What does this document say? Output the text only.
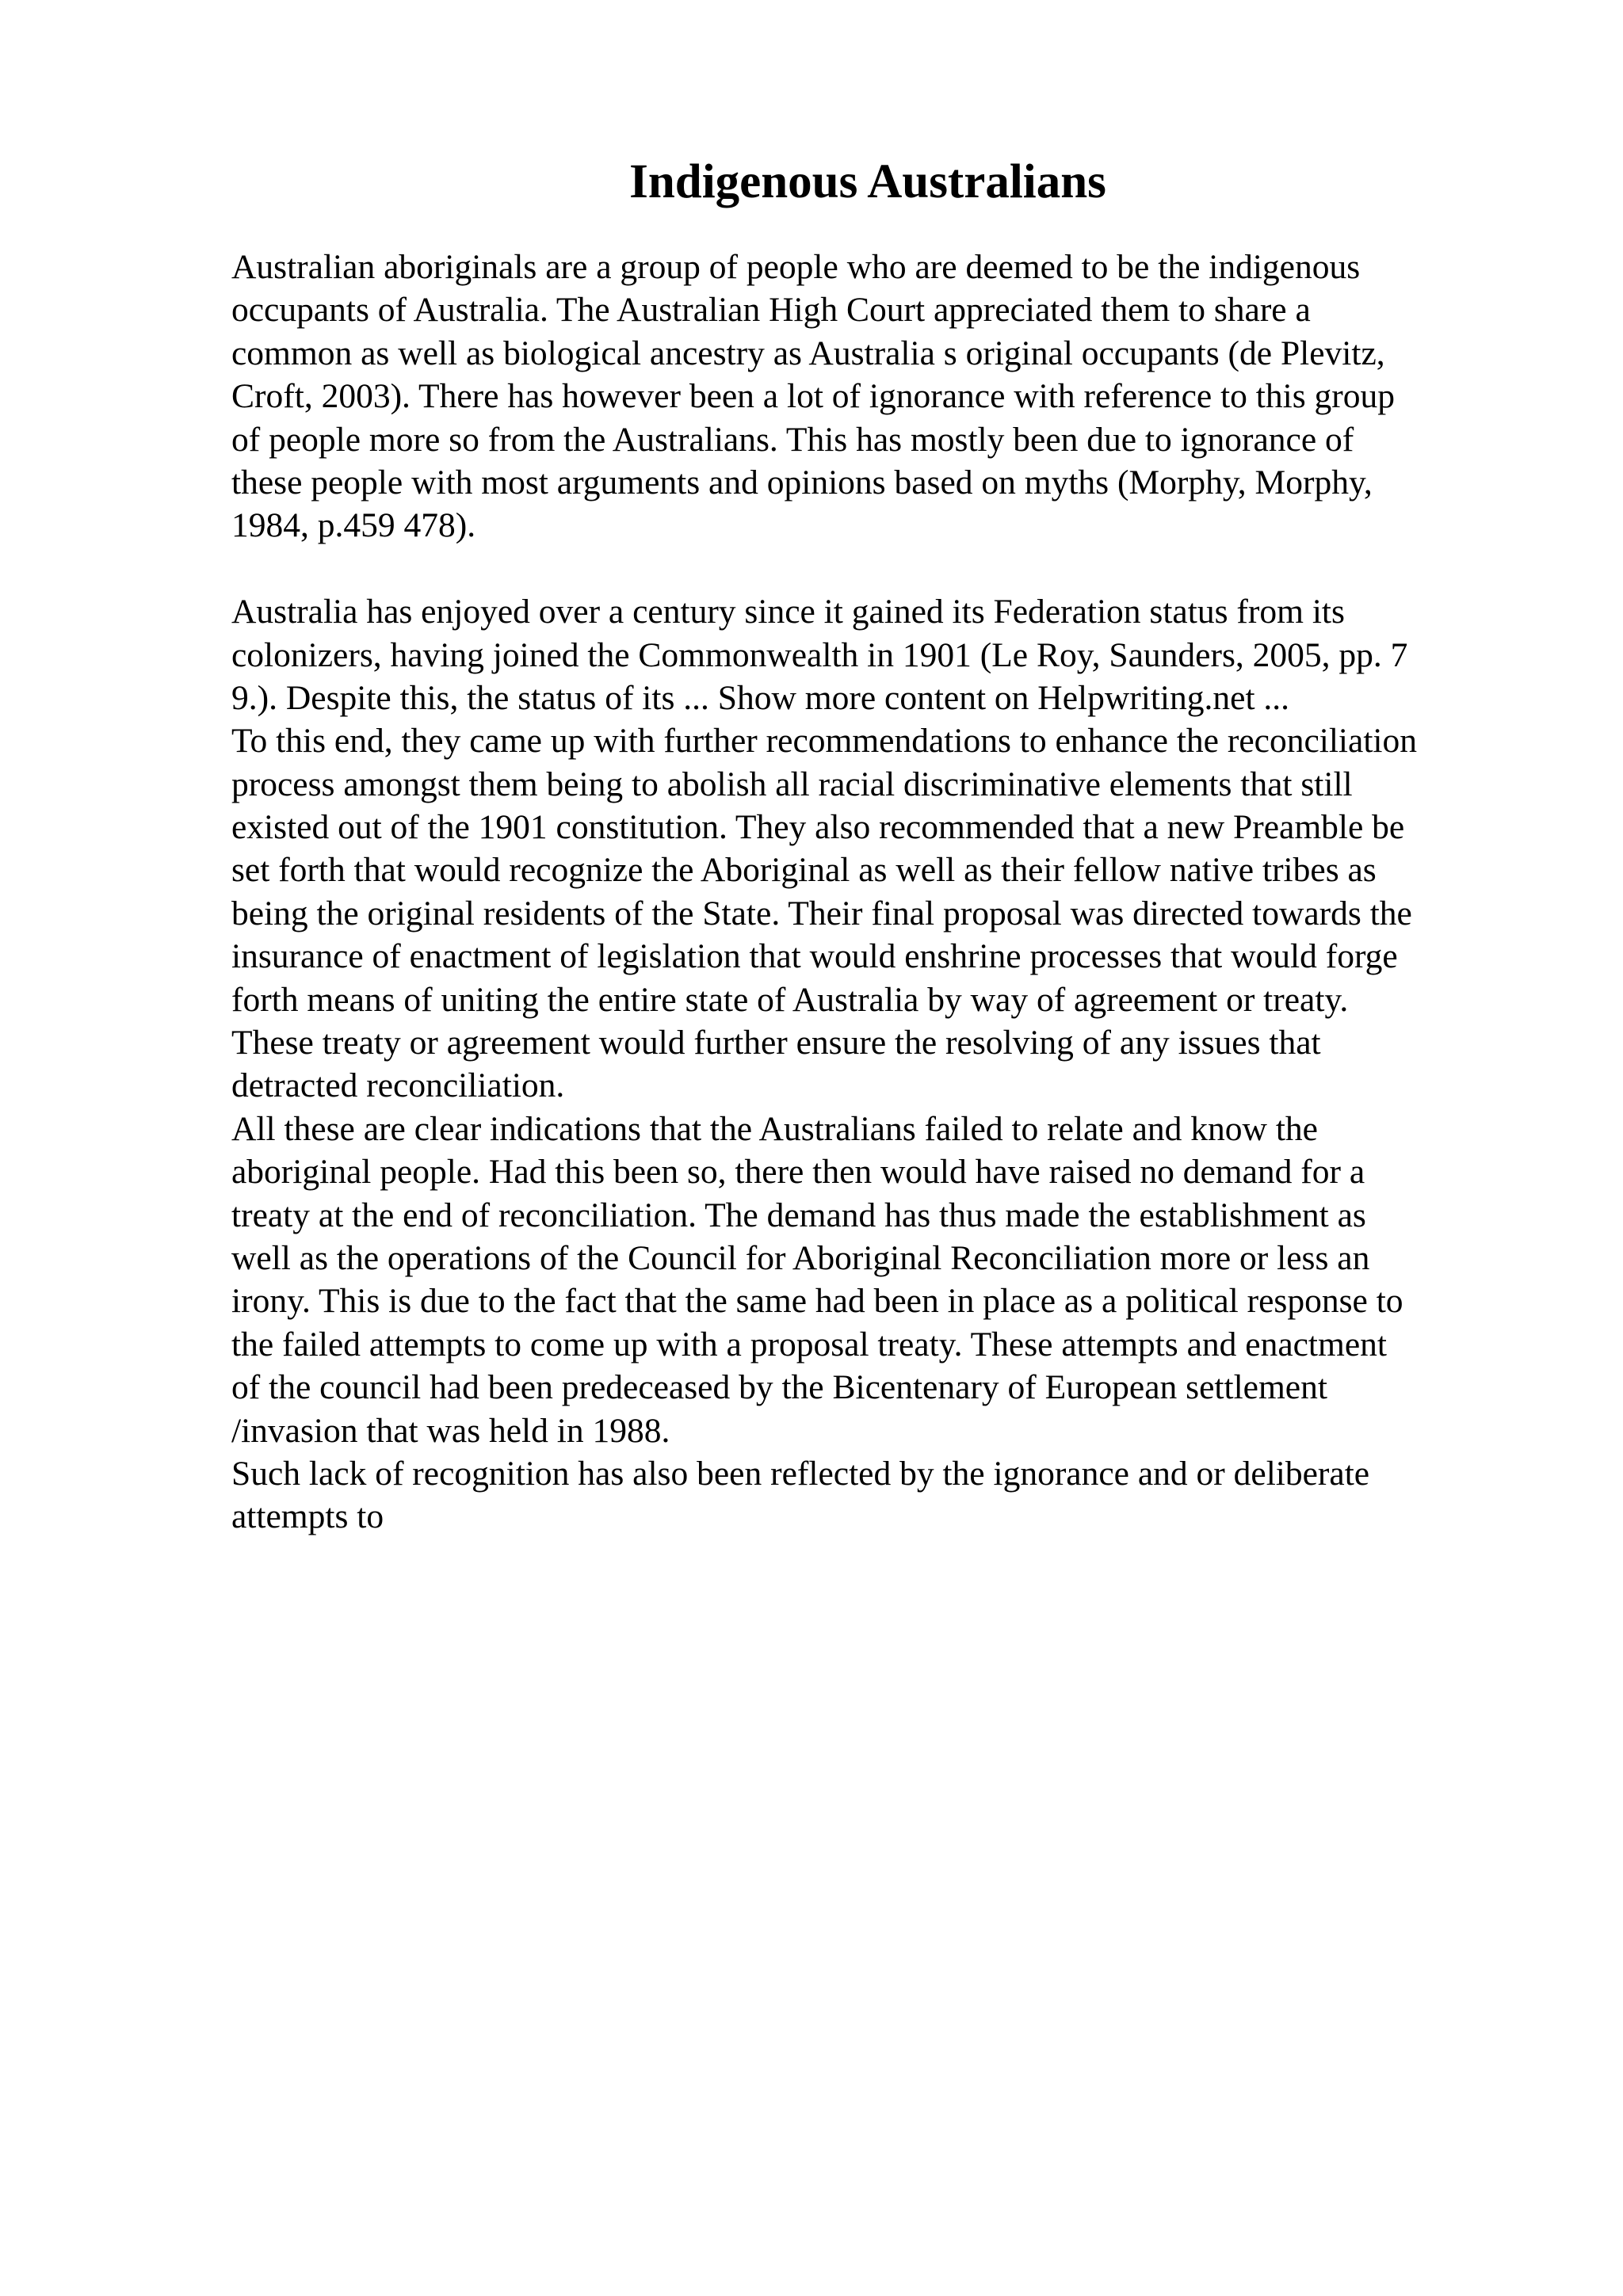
Indigenous Australians
Australian aboriginals are a group of people who are deemed to be the indigenous
occupants of Australia. The Australian High Court appreciated them to share a
common as well as biological ancestry as Australia s original occupants (de Plevitz,
Croft, 2003). There has however been a lot of ignorance with reference to this group
of people more so from the Australians. This has mostly been due to ignorance of
these people with most arguments and opinions based on myths (Morphy, Morphy,
1984, p.459 478).
Australia has enjoyed over a century since it gained its Federation status from its
colonizers, having joined the Commonwealth in 1901 (Le Roy, Saunders, 2005, pp. 7
9.). Despite this, the status of its ... Show more content on Helpwriting.net ...
To this end, they came up with further recommendations to enhance the reconciliation
process amongst them being to abolish all racial discriminative elements that still
existed out of the 1901 constitution. They also recommended that a new Preamble be
set forth that would recognize the Aboriginal as well as their fellow native tribes as
being the original residents of the State. Their final proposal was directed towards the
insurance of enactment of legislation that would enshrine processes that would forge
forth means of uniting the entire state of Australia by way of agreement or treaty.
These treaty or agreement would further ensure the resolving of any issues that
detracted reconciliation.
All these are clear indications that the Australians failed to relate and know the
aboriginal people. Had this been so, there then would have raised no demand for a
treaty at the end of reconciliation. The demand has thus made the establishment as
well as the operations of the Council for Aboriginal Reconciliation more or less an
irony. This is due to the fact that the same had been in place as a political response to
the failed attempts to come up with a proposal treaty. These attempts and enactment
of the council had been predeceased by the Bicentenary of European settlement
/invasion that was held in 1988.
Such lack of recognition has also been reflected by the ignorance and or deliberate
attempts to
